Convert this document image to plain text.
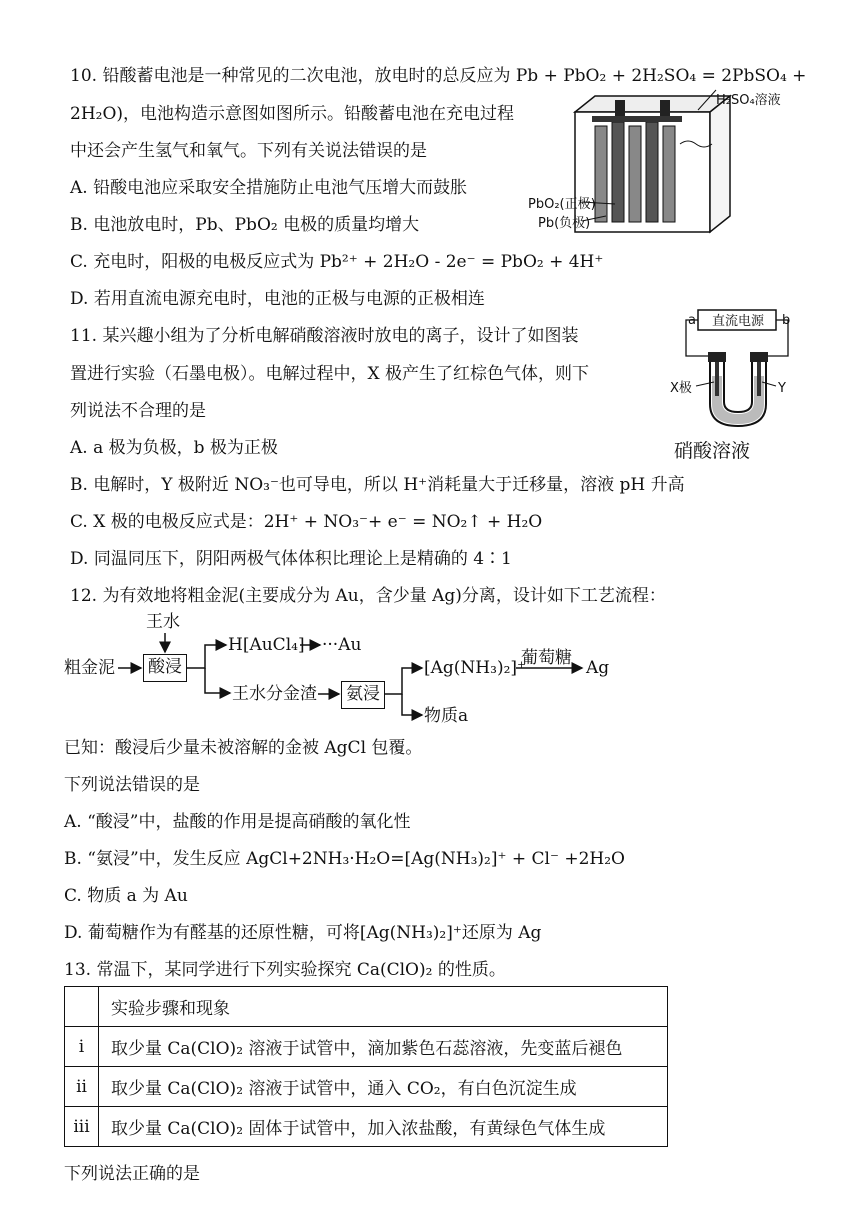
10. 铅酸蓄电池是一种常见的二次电池，放电时的总反应为 Pb + PbO₂ + 2H₂SO₄ = 2PbSO₄ +
2H₂O)，电池构造示意图如图所示。铅酸蓄电池在充电过程
中还会产生氢气和氧气。下列有关说法错误的是
A. 铅酸电池应采取安全措施防止电池气压增大而鼓胀
B. 电池放电时，Pb、PbO₂ 电极的质量均增大
C. 充电时，阳极的电极反应式为 Pb²⁺ + 2H₂O - 2e⁻ = PbO₂ + 4H⁺
D. 若用直流电源充电时，电池的正极与电源的正极相连
H₂SO₄溶液
PbO₂(正极)
Pb(负极)
11. 某兴趣小组为了分析电解硝酸溶液时放电的离子，设计了如图装
置进行实验（石墨电极）。电解过程中，X 极产生了红棕色气体，则下
列说法不合理的是
A. a 极为负极，b 极为正极
B. 电解时，Y 极附近 NO₃⁻也可导电，所以 H⁺消耗量大于迁移量，溶液 pH 升高
C. X 极的电极反应式是：2H⁺ + NO₃⁻+ e⁻ = NO₂↑ + H₂O
D. 同温同压下，阴阳两极气体体积比理论上是精确的 4∶1
直流电源
a	b
X极	Y
硝酸溶液
12. 为有效地将粗金泥(主要成分为 Au，含少量 Ag)分离，设计如下工艺流程：
王水
粗金泥 酸浸
H[AuCl₄] ···Au
王水分金渣 氨浸
[Ag(NH₃)₂]⁺
葡萄糖 Ag
物质a
已知：酸浸后少量未被溶解的金被 AgCl 包覆。
下列说法错误的是
A. “酸浸”中，盐酸的作用是提高硝酸的氧化性
B. “氨浸”中，发生反应 AgCl+2NH₃·H₂O=[Ag(NH₃)₂]⁺ + Cl⁻ +2H₂O
C. 物质 a 为 Au
D. 葡萄糖作为有醛基的还原性糖，可将[Ag(NH₃)₂]⁺还原为 Ag
13. 常温下，某同学进行下列实验探究 Ca(ClO)₂ 的性质。
	实验步骤和现象
i	取少量 Ca(ClO)₂ 溶液于试管中，滴加紫色石蕊溶液，先变蓝后褪色
ii	取少量 Ca(ClO)₂ 溶液于试管中，通入 CO₂，有白色沉淀生成
iii	取少量 Ca(ClO)₂ 固体于试管中，加入浓盐酸，有黄绿色气体生成
下列说法正确的是
